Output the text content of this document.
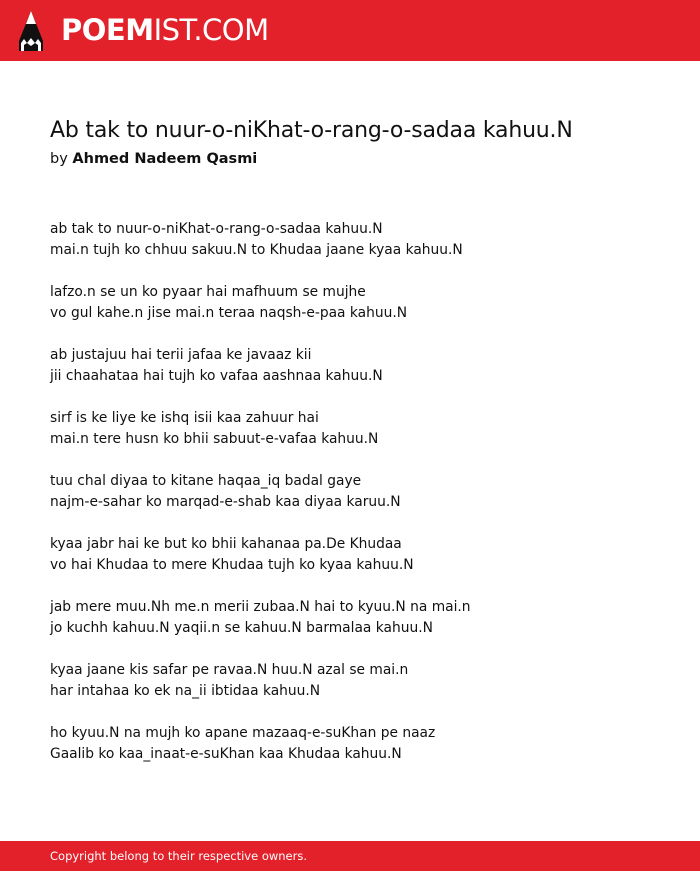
POEMIST.COM
Ab tak to nuur-o-niKhat-o-rang-o-sadaa kahuu.N
by Ahmed Nadeem Qasmi
ab tak to nuur-o-niKhat-o-rang-o-sadaa kahuu.N
mai.n tujh ko chhuu sakuu.N to Khudaa jaane kyaa kahuu.N
lafzo.n se un ko pyaar hai mafhuum se mujhe
vo gul kahe.n jise mai.n teraa naqsh-e-paa kahuu.N
ab justajuu hai terii jafaa ke javaaz kii
jii chaahataa hai tujh ko vafaa aashnaa kahuu.N
sirf is ke liye ke ishq isii kaa zahuur hai
mai.n tere husn ko bhii sabuut-e-vafaa kahuu.N
tuu chal diyaa to kitane haqaa_iq badal gaye
najm-e-sahar ko marqad-e-shab kaa diyaa karuu.N
kyaa jabr hai ke but ko bhii kahanaa pa.De Khudaa
vo hai Khudaa to mere Khudaa tujh ko kyaa kahuu.N
jab mere muu.Nh me.n merii zubaa.N hai to kyuu.N na mai.n
jo kuchh kahuu.N yaqii.n se kahuu.N barmalaa kahuu.N
kyaa jaane kis safar pe ravaa.N huu.N azal se mai.n
har intahaa ko ek na_ii ibtidaa kahuu.N
ho kyuu.N na mujh ko apane mazaaq-e-suKhan pe naaz
Gaalib ko kaa_inaat-e-suKhan kaa Khudaa kahuu.N
Copyright belong to their respective owners.
